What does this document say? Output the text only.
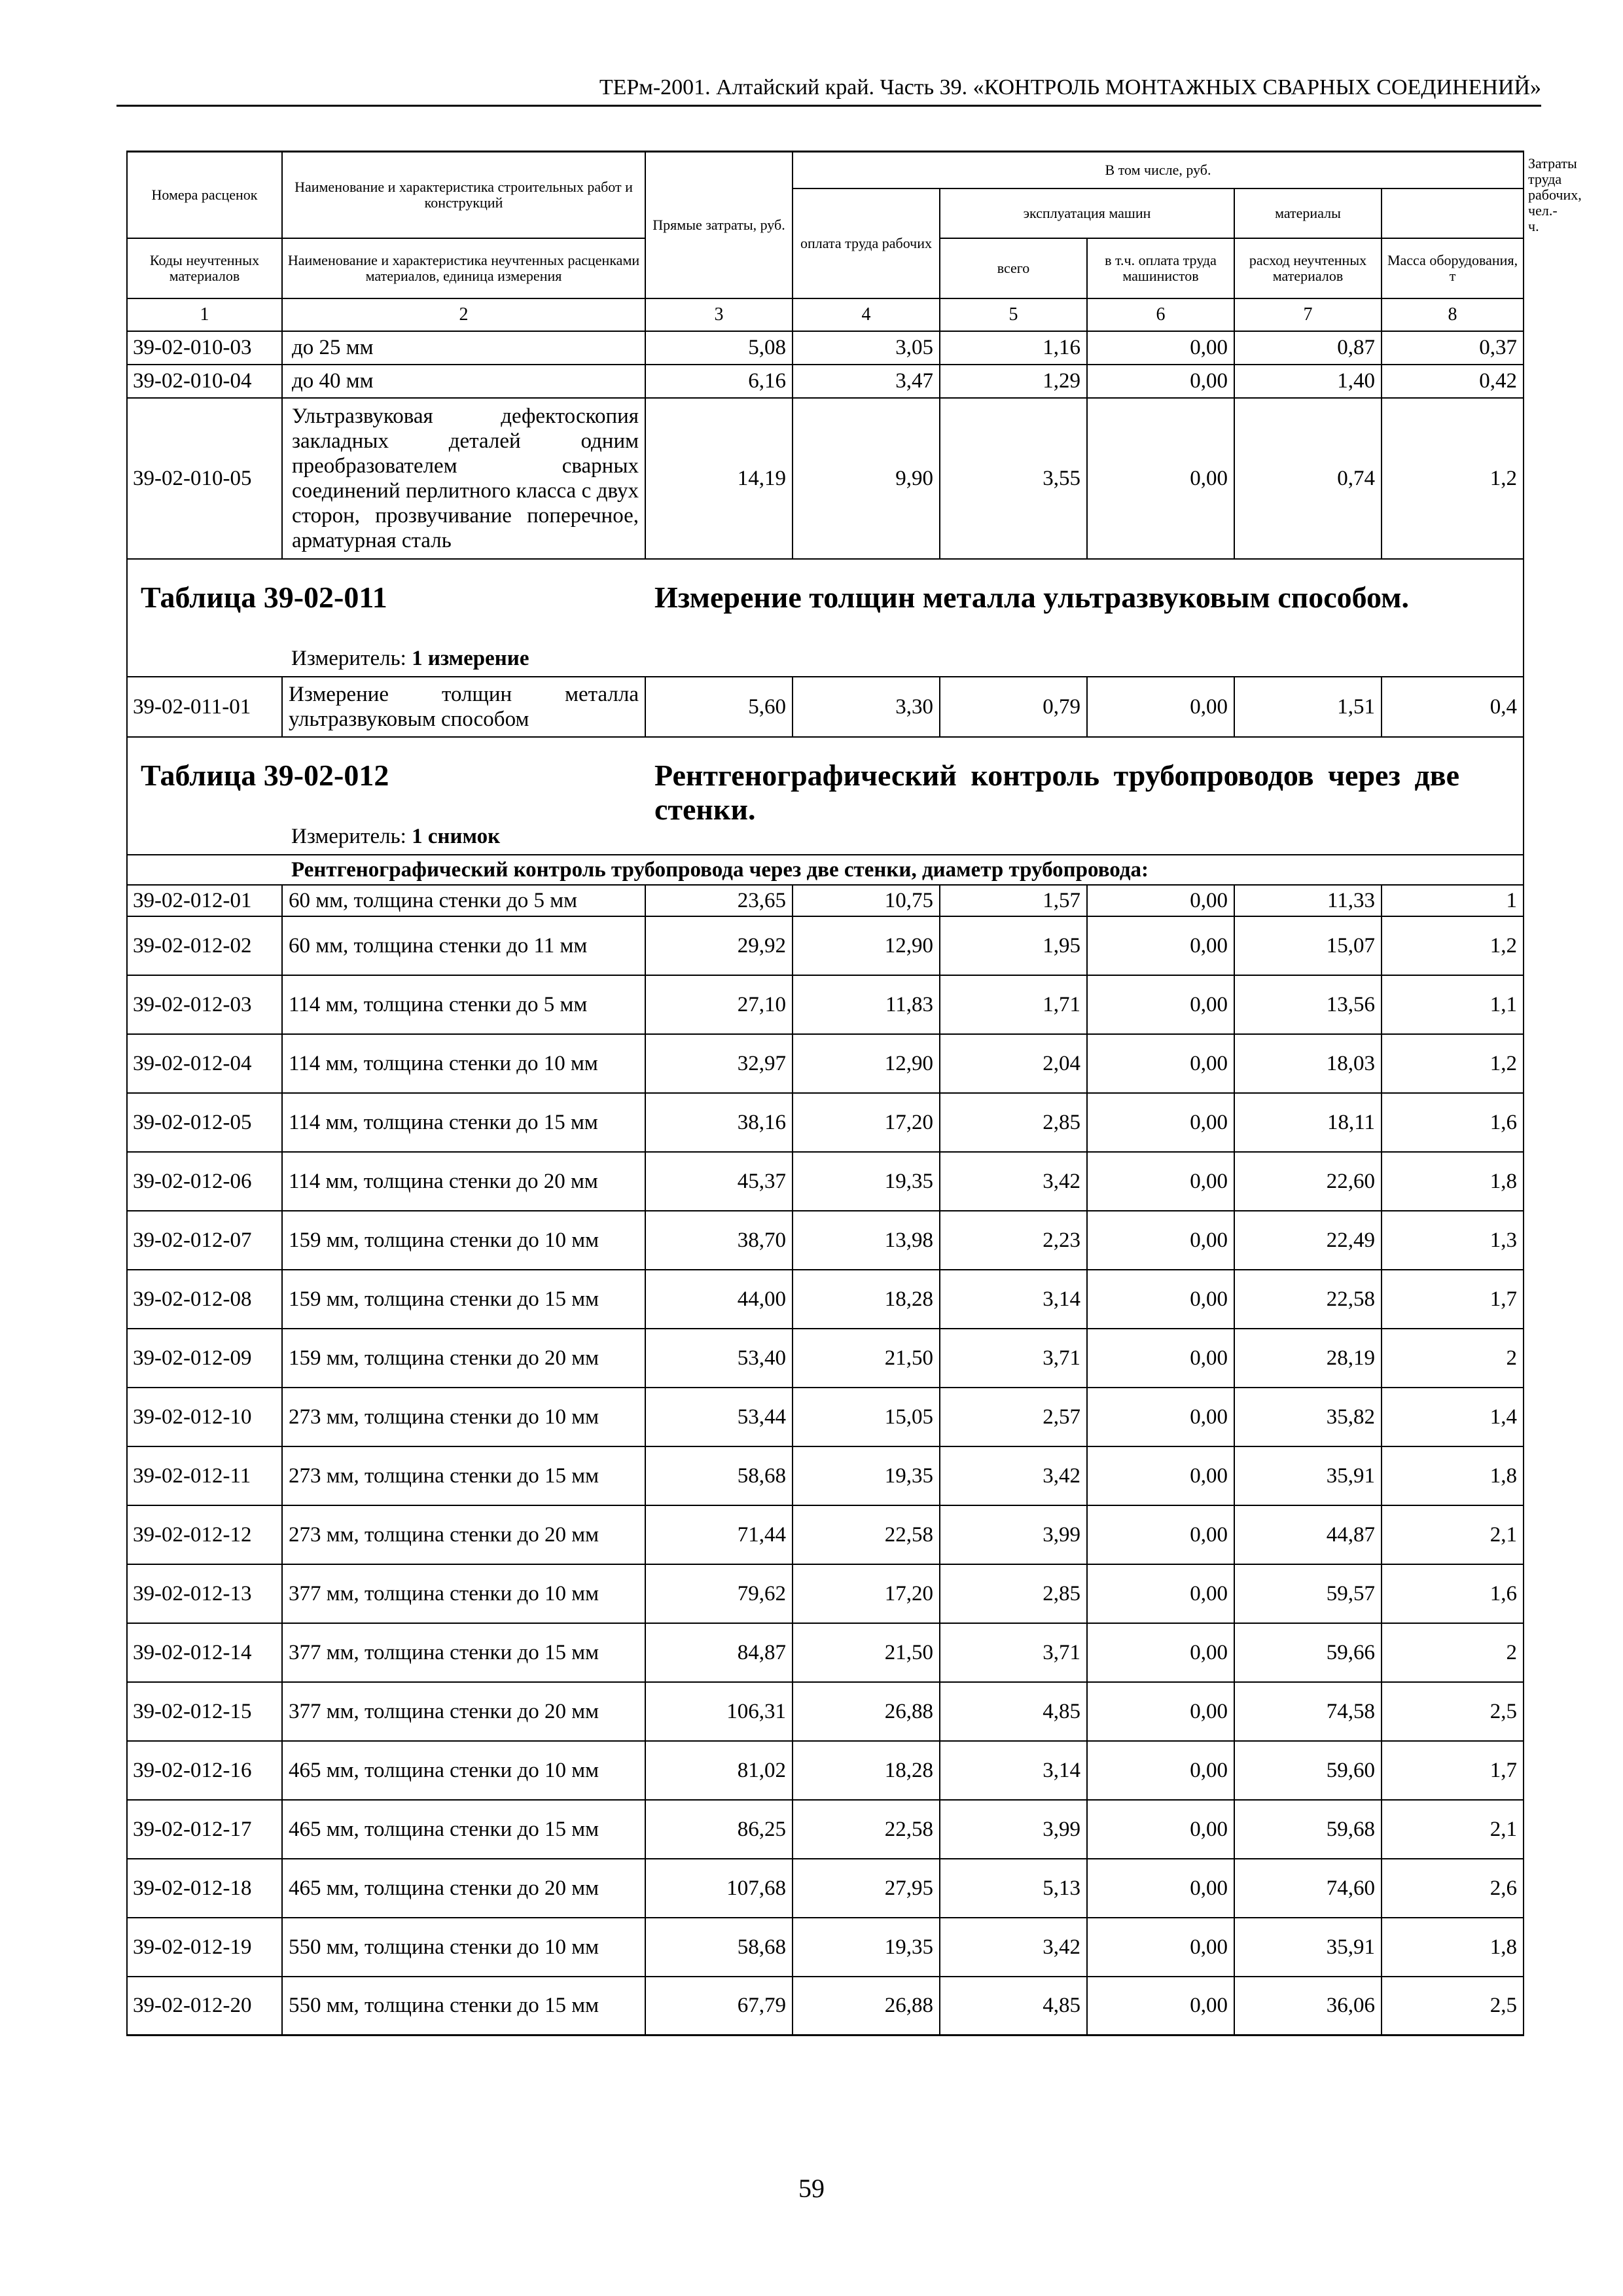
ТЕРм-2001. Алтайский край. Часть 39. «КОНТРОЛЬ МОНТАЖНЫХ СВАРНЫХ СОЕДИНЕНИЙ»
Номера расценок	Наименование и характеристика строительных работ и конструкций	Прямые затраты, руб.	В том числе, руб.					Затраты труда рабочих, чел.-ч.
			оплата труда рабочих	эксплуатация машин		материалы		
Коды неучтенных материалов	Наименование и характеристика неучтенных расценками материалов, единица измерения			всего	в т.ч. оплата труда машинистов	расход неучтенных материалов	Масса оборудования, т	
1	2	3	4	5	6	7	8	
39-02-010-03	до 25 мм	5,08	3,05	1,16	0,00	0,87	0,37	
39-02-010-04	до 40 мм	6,16	3,47	1,29	0,00	1,40	0,42	
39-02-010-05	Ультразвуковая дефектоскопия закладных деталей одним преобразователем сварных соединений перлитного класса с двух сторон, прозвучивание поперечное, арматурная сталь	14,19	9,90	3,55	0,00	0,74	1,2	

Таблица 39-02-011 Измерение толщин металла ультразвуковым способом.
Измеритель: 1 измерение								

39-02-011-01	Измерение толщин металла ультразвуковым способом	5,60	3,30	0,79	0,00	1,51	0,4	

Таблица 39-02-012 Рентгенографический контроль трубопроводов через две стенки.
Измеритель: 1 снимок								

Рентгенографический контроль трубопровода через две стенки, диаметр трубопровода:								
39-02-012-01	60 мм, толщина стенки до 5 мм	23,65	10,75	1,57	0,00	11,33	1	
39-02-012-02	60 мм, толщина стенки до 11 мм	29,92	12,90	1,95	0,00	15,07	1,2	
39-02-012-03	114 мм, толщина стенки до 5 мм	27,10	11,83	1,71	0,00	13,56	1,1	
39-02-012-04	114 мм, толщина стенки до 10 мм	32,97	12,90	2,04	0,00	18,03	1,2	
39-02-012-05	114 мм, толщина стенки до 15 мм	38,16	17,20	2,85	0,00	18,11	1,6	
39-02-012-06	114 мм, толщина стенки до 20 мм	45,37	19,35	3,42	0,00	22,60	1,8	
39-02-012-07	159 мм, толщина стенки до 10 мм	38,70	13,98	2,23	0,00	22,49	1,3	
39-02-012-08	159 мм, толщина стенки до 15 мм	44,00	18,28	3,14	0,00	22,58	1,7	
39-02-012-09	159 мм, толщина стенки до 20 мм	53,40	21,50	3,71	0,00	28,19	2	
39-02-012-10	273 мм, толщина стенки до 10 мм	53,44	15,05	2,57	0,00	35,82	1,4	
39-02-012-11	273 мм, толщина стенки до 15 мм	58,68	19,35	3,42	0,00	35,91	1,8	
39-02-012-12	273 мм, толщина стенки до 20 мм	71,44	22,58	3,99	0,00	44,87	2,1	
39-02-012-13	377 мм, толщина стенки до 10 мм	79,62	17,20	2,85	0,00	59,57	1,6	
39-02-012-14	377 мм, толщина стенки до 15 мм	84,87	21,50	3,71	0,00	59,66	2	
39-02-012-15	377 мм, толщина стенки до 20 мм	106,31	26,88	4,85	0,00	74,58	2,5	
39-02-012-16	465 мм, толщина стенки до 10 мм	81,02	18,28	3,14	0,00	59,60	1,7	
39-02-012-17	465 мм, толщина стенки до 15 мм	86,25	22,58	3,99	0,00	59,68	2,1	
39-02-012-18	465 мм, толщина стенки до 20 мм	107,68	27,95	5,13	0,00	74,60	2,6	
39-02-012-19	550 мм, толщина стенки до 10 мм	58,68	19,35	3,42	0,00	35,91	1,8	
39-02-012-20	550 мм, толщина стенки до 15 мм	67,79	26,88	4,85	0,00	36,06	2,5	
59
